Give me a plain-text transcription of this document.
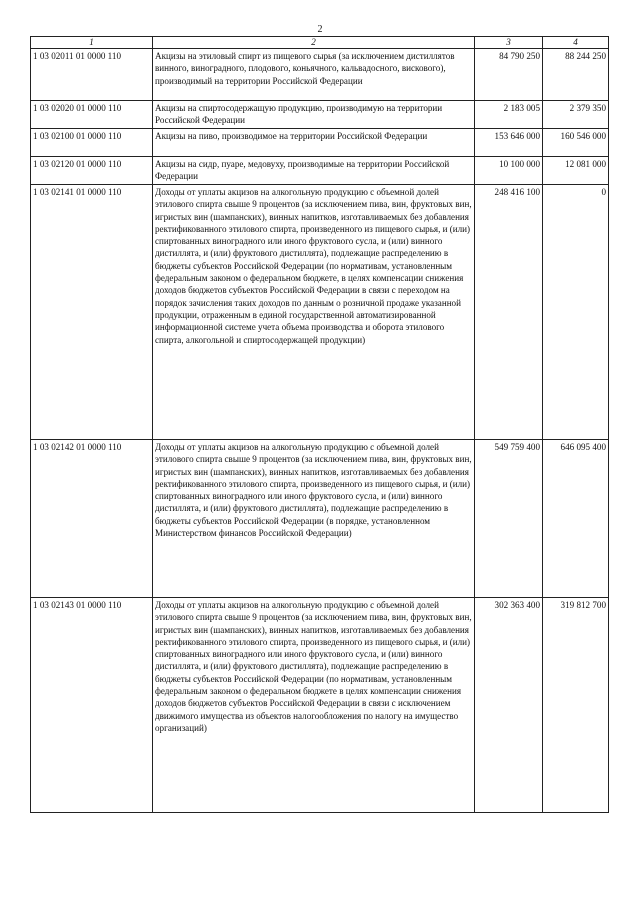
2
1	2	3	4
1 03 02011 01 0000 110	Акцизы на этиловый спирт из пищевого сырья (за исключением дистиллятов винного, виноградного, плодового, коньячного, кальвадосного, вискового), производимый на территории Российской Федерации	84 790 250	88 244 250
1 03 02020 01 0000 110	Акцизы на спиртосодержащую продукцию, производимую на территории Российской Федерации	2 183 005	2 379 350
1 03 02100 01 0000 110	Акцизы на пиво, производимое на территории Российской Федерации	153 646 000	160 546 000
1 03 02120 01 0000 110	Акцизы на сидр, пуаре, медовуху, производимые на территории Российской Федерации	10 100 000	12 081 000
1 03 02141 01 0000 110	Доходы от уплаты акцизов на алкогольную продукцию с объемной долей этилового спирта свыше 9 процентов (за исключением пива, вин, фруктовых вин, игристых вин (шампанских), винных напитков, изготавливаемых без добавления ректификованного этилового спирта, произведенного из пищевого сырья, и (или) спиртованных виноградного или иного фруктового сусла, и (или) винного дистиллята, и (или) фруктового дистиллята), подлежащие распределению в бюджеты субъектов Российской Федерации (по нормативам, установленным федеральным законом о федеральном бюджете, в целях компенсации снижения доходов бюджетов субъектов Российской Федерации в связи с переходом на порядок зачисления таких доходов по данным о розничной продаже указанной продукции, отраженным в единой государственной автоматизированной информационной системе учета объема производства и оборота этилового спирта, алкогольной и спиртосодержащей продукции)	248 416 100	0
1 03 02142 01 0000 110	Доходы от уплаты акцизов на алкогольную продукцию с объемной долей этилового спирта свыше 9 процентов (за исключением пива, вин, фруктовых вин, игристых вин (шампанских), винных напитков, изготавливаемых без добавления ректификованного этилового спирта, произведенного из пищевого сырья, и (или) спиртованных виноградного или иного фруктового сусла, и (или) винного дистиллята, и (или) фруктового дистиллята), подлежащие распределению в бюджеты субъектов Российской Федерации (в порядке, установленном Министерством финансов Российской Федерации)	549 759 400	646 095 400
1 03 02143 01 0000 110	Доходы от уплаты акцизов на алкогольную продукцию с объемной долей этилового спирта свыше 9 процентов (за исключением пива, вин, фруктовых вин, игристых вин (шампанских), винных напитков, изготавливаемых без добавления ректификованного этилового спирта, произведенного из пищевого сырья, и (или) спиртованных виноградного или иного фруктового сусла, и (или) винного дистиллята, и (или) фруктового дистиллята), подлежащие распределению в бюджеты субъектов Российской Федерации (по нормативам, установленным федеральным законом о федеральном бюджете в целях компенсации снижения доходов бюджетов субъектов Российской Федерации в связи с исключением движимого имущества из объектов налогообложения по налогу на имущество организаций)	302 363 400	319 812 700
